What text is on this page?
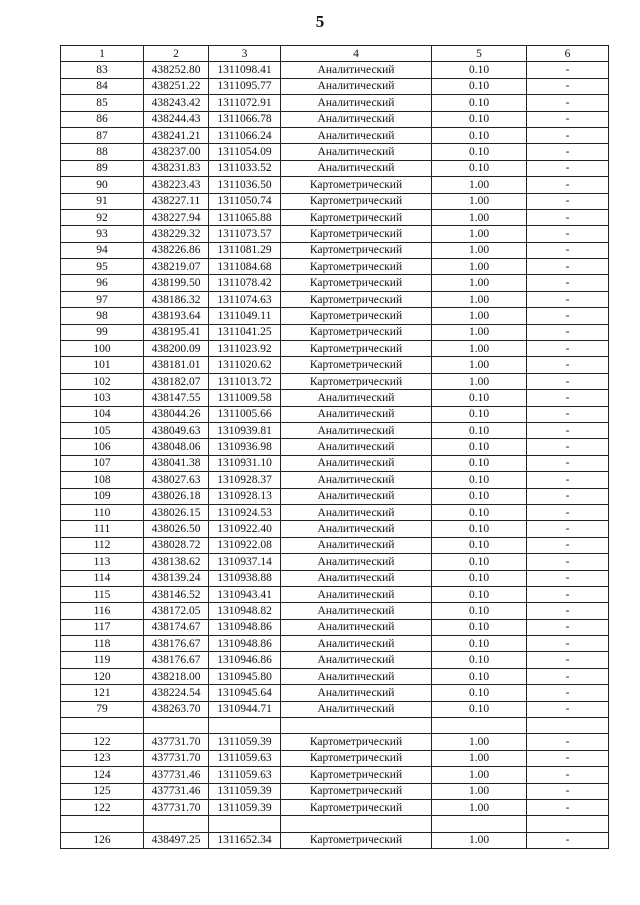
5
1	2	3	4	5	6
83	438252.80	1311098.41	Аналитический	0.10	-
84	438251.22	1311095.77	Аналитический	0.10	-
85	438243.42	1311072.91	Аналитический	0.10	-
86	438244.43	1311066.78	Аналитический	0.10	-
87	438241.21	1311066.24	Аналитический	0.10	-
88	438237.00	1311054.09	Аналитический	0.10	-
89	438231.83	1311033.52	Аналитический	0.10	-
90	438223.43	1311036.50	Картометрический	1.00	-
91	438227.11	1311050.74	Картометрический	1.00	-
92	438227.94	1311065.88	Картометрический	1.00	-
93	438229.32	1311073.57	Картометрический	1.00	-
94	438226.86	1311081.29	Картометрический	1.00	-
95	438219.07	1311084.68	Картометрический	1.00	-
96	438199.50	1311078.42	Картометрический	1.00	-
97	438186.32	1311074.63	Картометрический	1.00	-
98	438193.64	1311049.11	Картометрический	1.00	-
99	438195.41	1311041.25	Картометрический	1.00	-
100	438200.09	1311023.92	Картометрический	1.00	-
101	438181.01	1311020.62	Картометрический	1.00	-
102	438182.07	1311013.72	Картометрический	1.00	-
103	438147.55	1311009.58	Аналитический	0.10	-
104	438044.26	1311005.66	Аналитический	0.10	-
105	438049.63	1310939.81	Аналитический	0.10	-
106	438048.06	1310936.98	Аналитический	0.10	-
107	438041.38	1310931.10	Аналитический	0.10	-
108	438027.63	1310928.37	Аналитический	0.10	-
109	438026.18	1310928.13	Аналитический	0.10	-
110	438026.15	1310924.53	Аналитический	0.10	-
111	438026.50	1310922.40	Аналитический	0.10	-
112	438028.72	1310922.08	Аналитический	0.10	-
113	438138.62	1310937.14	Аналитический	0.10	-
114	438139.24	1310938.88	Аналитический	0.10	-
115	438146.52	1310943.41	Аналитический	0.10	-
116	438172.05	1310948.82	Аналитический	0.10	-
117	438174.67	1310948.86	Аналитический	0.10	-
118	438176.67	1310948.86	Аналитический	0.10	-
119	438176.67	1310946.86	Аналитический	0.10	-
120	438218.00	1310945.80	Аналитический	0.10	-
121	438224.54	1310945.64	Аналитический	0.10	-
79	438263.70	1310944.71	Аналитический	0.10	-

122	437731.70	1311059.39	Картометрический	1.00	-
123	437731.70	1311059.63	Картометрический	1.00	-
124	437731.46	1311059.63	Картометрический	1.00	-
125	437731.46	1311059.39	Картометрический	1.00	-
122	437731.70	1311059.39	Картометрический	1.00	-

126	438497.25	1311652.34	Картометрический	1.00	-
